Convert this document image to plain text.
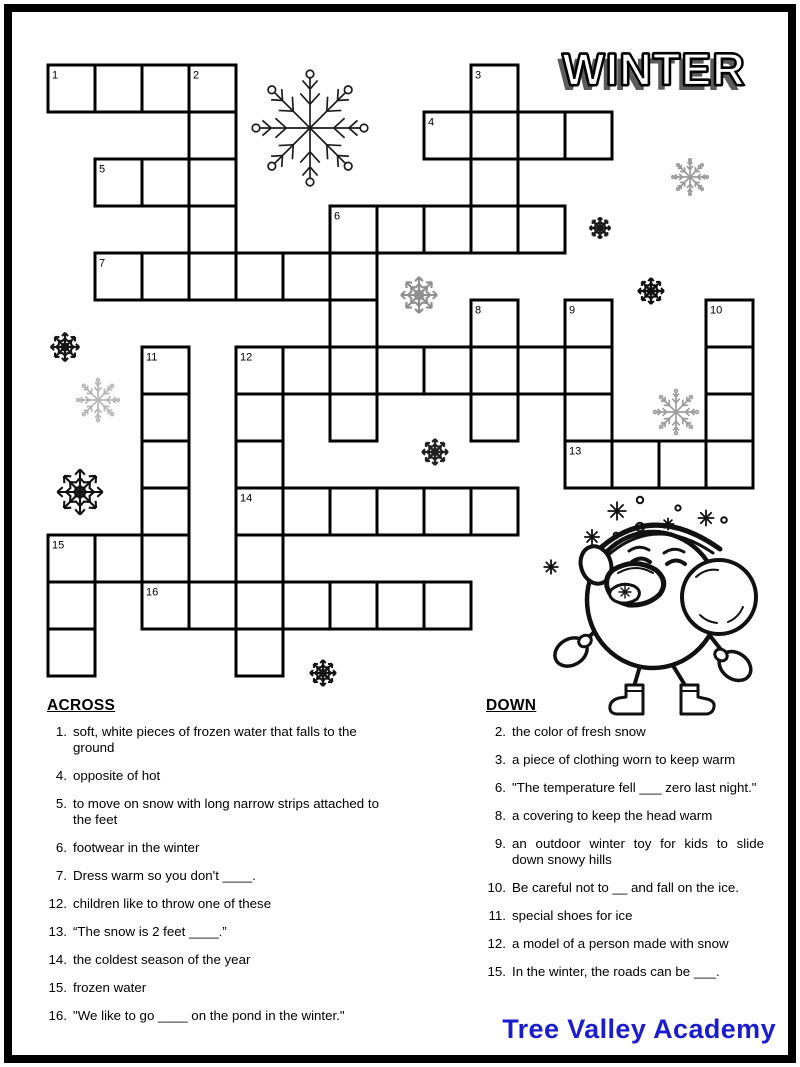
WINTER
1	2	3
4
5
6
7
8	9	10
11	12
13
14
15
16
ACROSS
1. soft, white pieces of frozen water that falls to the ground
4. opposite of hot
5. to move on snow with long narrow strips attached to the feet
6. footwear in the winter
7. Dress warm so you don't ____.
12. children like to throw one of these
13. “The snow is 2 feet ____.”
14. the coldest season of the year
15. frozen water
16. "We like to go ____ on the pond in the winter."
DOWN
2. the color of fresh snow
3. a piece of clothing worn to keep warm
6. "The temperature fell ___ zero last night."
8. a covering to keep the head warm
9. an outdoor winter toy for kids to slide down snowy hills
10. Be careful not to __ and fall on the ice.
11. special shoes for ice
12. a model of a person made with snow
15. In the winter, the roads can be ___.
Tree Valley Academy
